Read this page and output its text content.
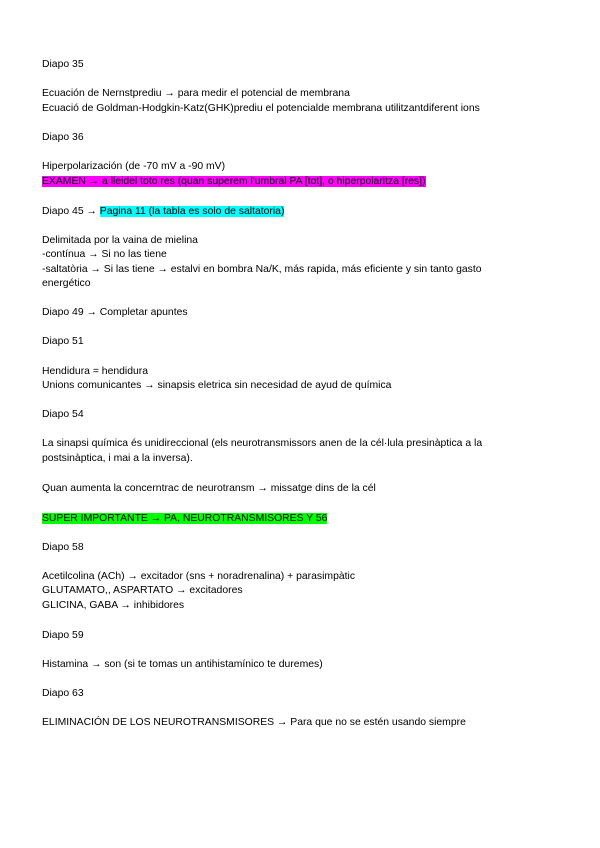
Diapo 35
Ecuación de Nernstprediu → para medir el potencial de membrana
Ecuació de Goldman-Hodgkin-Katz(GHK)prediu el potencialde membrana utilitzantdiferent ions
Diapo 36
Hiperpolarización (de -70 mV a -90 mV)
EXAMEN → a lleidel toto res (quan superem l'umbral PA [tot], o hiperpolaritza [res])
Diapo 45 → Pagina 11 (la tabla es solo de saltatoria)
Delimitada por la vaina de mielina
-contínua → Si no las tiene
-saltatòria → Si las tiene → estalvi en bombra Na/K, más rapida, más eficiente y sin tanto gasto
energético
Diapo 49 → Completar apuntes
Diapo 51
Hendidura = hendidura
Unions comunicantes → sinapsis eletrica sin necesidad de ayud de química
Diapo 54
La sinapsi química és unidireccional (els neurotransmissors anen de la cél·lula presinàptica a la
postsinàptica, i mai a la inversa).
Quan aumenta la concerntrac de neurotransm → missatge dins de la cél
SUPER IMPORTANTE → PA, NEUROTRANSMISORES Y 56
Diapo 58
Acetilcolina (ACh) → excitador (sns + noradrenalina) + parasimpàtic
GLUTAMATO,, ASPARTATO → excitadores
GLICINA, GABA → inhibidores
Diapo 59
Histamina → son (si te tomas un antihistamínico te duremes)
Diapo 63
ELIMINACIÓN DE LOS NEUROTRANSMISORES → Para que no se estén usando siempre
